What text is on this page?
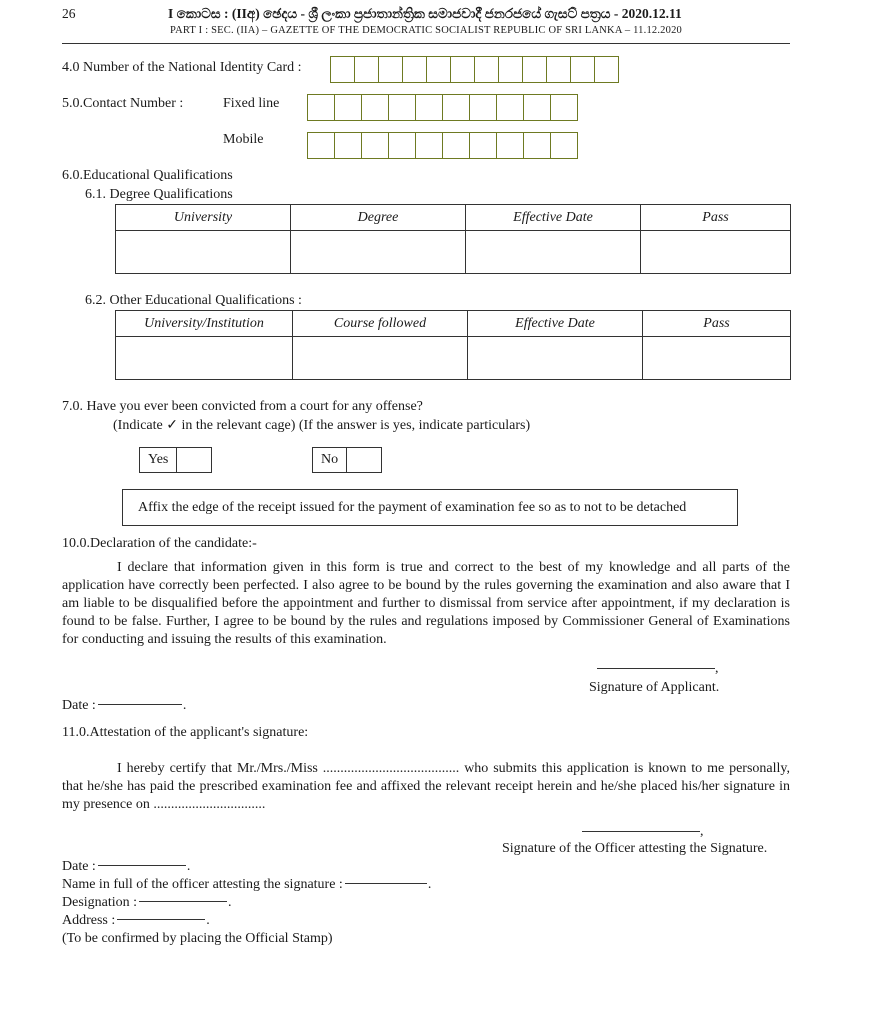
26	I කොටස : (IIඅ) ඡෙදය - ශ්‍රී ලංකා ප්‍රජාතාන්ත්‍රික සමාජවාදී ජනරජයේ ගැසට් පත්‍රය - 2020.12.11
PART I : SEC. (IIA) – GAZETTE OF THE DEMOCRATIC SOCIALIST REPUBLIC OF SRI LANKA – 11.12.2020
4.0 Number of the National Identity Card :
5.0.Contact Number :	Fixed line
Mobile
6.0.Educational Qualifications
6.1. Degree Qualifications
University	Degree	Effective Date	Pass

6.2. Other Educational Qualifications :
University/Institution	Course followed	Effective Date	Pass

7.0. Have you ever been convicted from a court for any offense?
(Indicate ✓ in the relevant cage) (If the answer is yes, indicate particulars)
Yes	No
Affix the edge of the receipt issued for the payment of examination fee so as to not to be detached
10.0.Declaration of the candidate:-
I declare that information given in this form is true and correct to the best of my knowledge and all parts of the application have correctly been perfected. I also agree to be bound by the rules governing the examination and also aware that I am liable to be disqualified before the appointment and further to dismissal from service after appointment, if my declaration is found to be false. Further, I agree to be bound by the rules and regulations imposed by Commissioner General of Examinations for conducting and issuing the results of this examination.
,
Signature of Applicant.
Date :	.
11.0.Attestation of the applicant's signature:
I hereby certify that Mr./Mrs./Miss ....................................... who submits this application is known to me personally, that he/she has paid the prescribed examination fee and affixed the relevant receipt herein and he/she placed his/her signature in my presence on ................................
,
Signature of the Officer attesting the Signature.
Date :	.
Name in full of the officer attesting the signature :	.
Designation :	.
Address :	.
(To be confirmed by placing the Official Stamp)
